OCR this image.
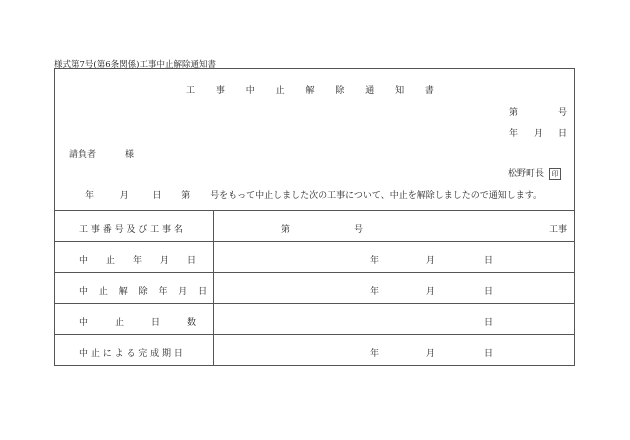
様式第7号(第6条関係)工事中止解除通知書
工 事 中 止 解 除 通 知 書
第	号
年 月 日
請負者	様
松野町長 印
年	月	日 第 号をもって中止しました次の工事について、中止を解除しましたので通知します。
工 事 番 号 及 び 工 事 名	第	号	工事
中　　止　　年　　月　　日	年	月	日
中 止 解 除 年 月 日	年	月	日
中　　　止　　　日　　　数	日
中 止 に よ る 完 成 期 日	年	月	日
